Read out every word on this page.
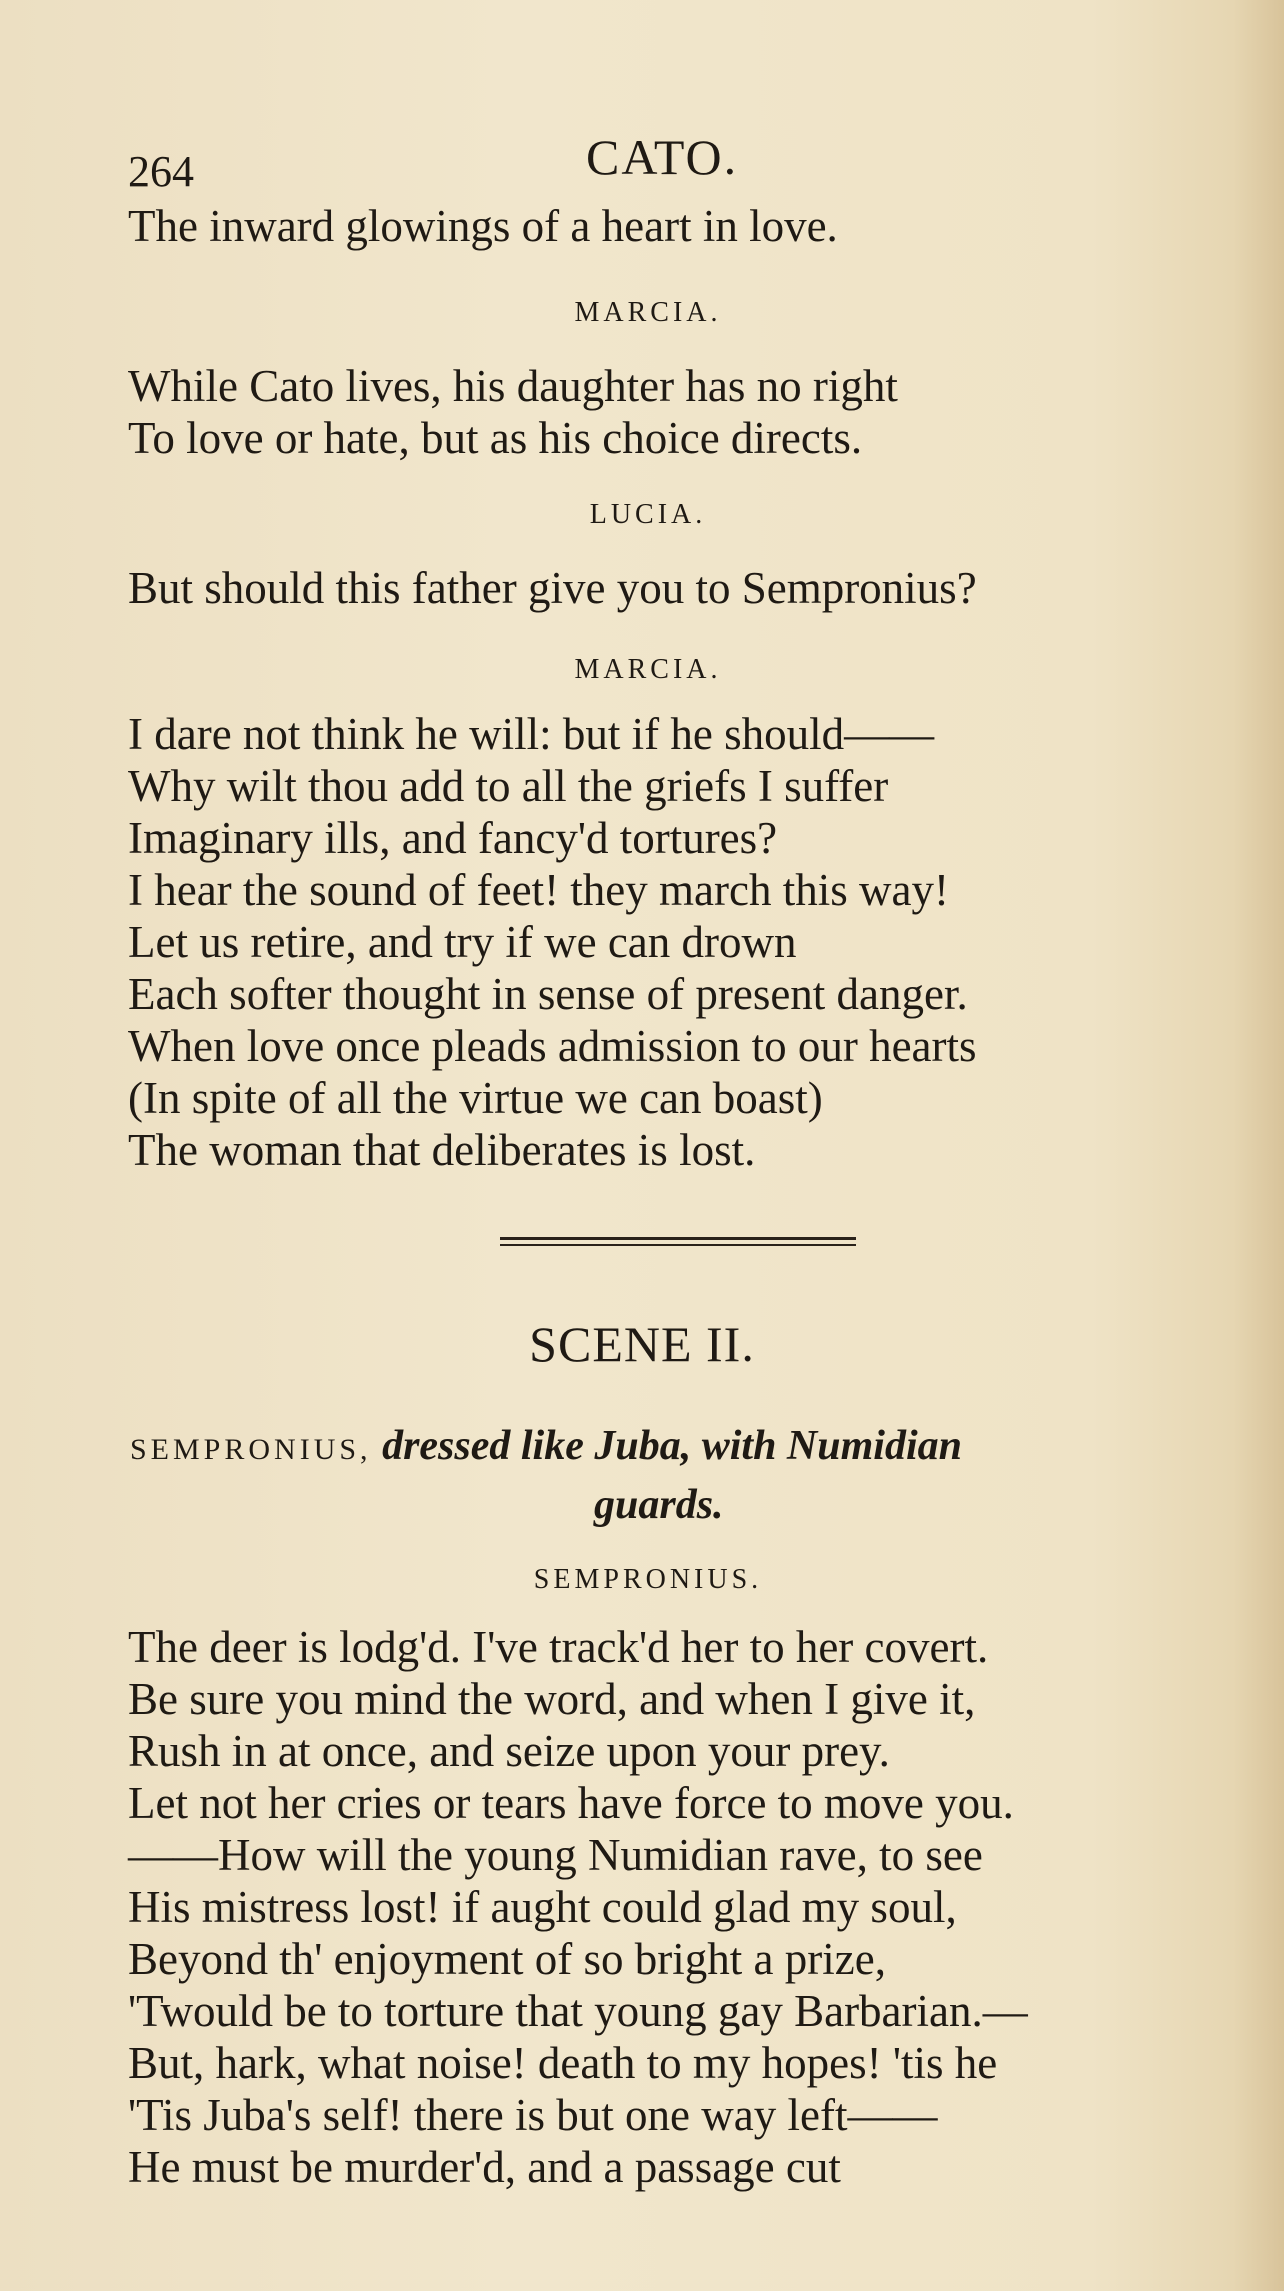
264	CATO.
The inward glowings of a heart in love.
MARCIA.
While Cato lives, his daughter has no right
To love or hate, but as his choice directs.
LUCIA.
But should this father give you to Sempronius?
MARCIA.
I dare not think he will: but if he should——
Why wilt thou add to all the griefs I suffer
Imaginary ills, and fancy'd tortures?
I hear the sound of feet! they march this way!
Let us retire, and try if we can drown
Each softer thought in sense of present danger.
When love once pleads admission to our hearts
(In spite of all the virtue we can boast)
The woman that deliberates is lost.
SCENE II.
SEMPRONIUS, dressed like Juba, with Numidian
guards.
SEMPRONIUS.
The deer is lodg'd. I've track'd her to her covert.
Be sure you mind the word, and when I give it,
Rush in at once, and seize upon your prey.
Let not her cries or tears have force to move you.
——How will the young Numidian rave, to see
His mistress lost! if aught could glad my soul,
Beyond th' enjoyment of so bright a prize,
'Twould be to torture that young gay Barbarian.—
But, hark, what noise! death to my hopes! 'tis he
'Tis Juba's self! there is but one way left——
He must be murder'd, and a passage cut
